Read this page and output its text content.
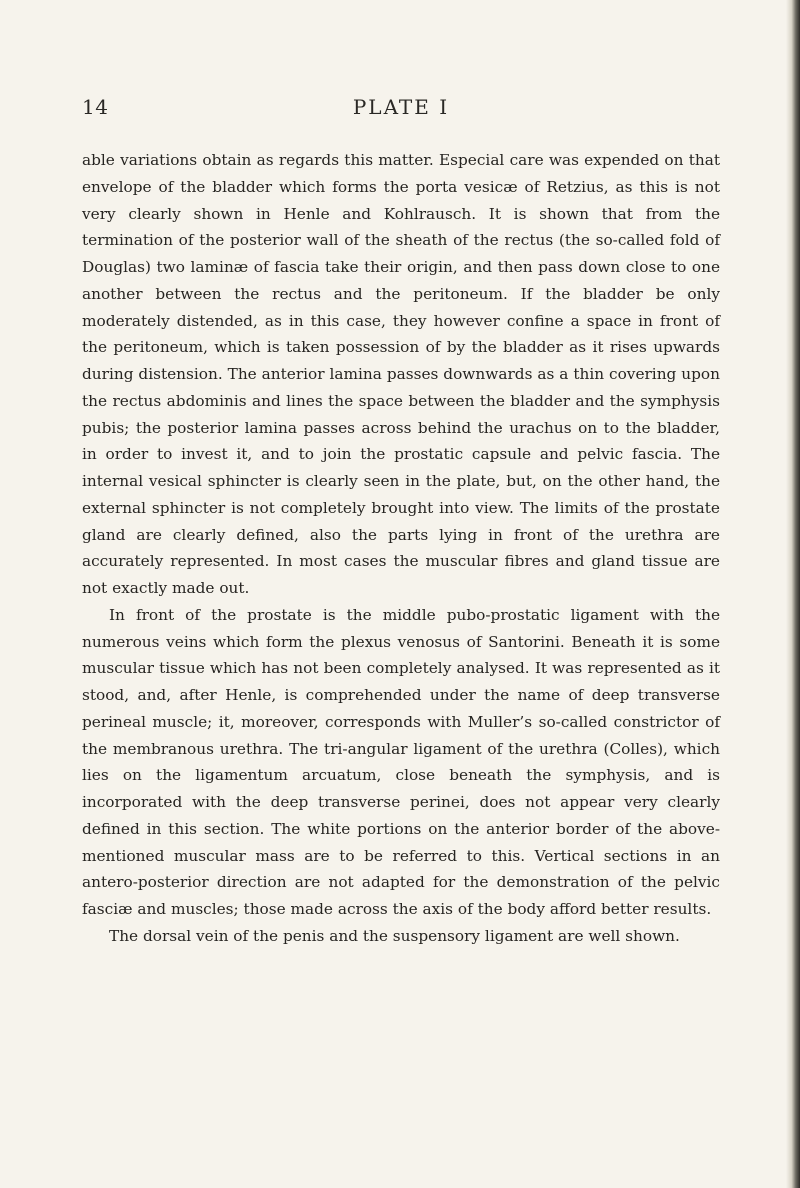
14	PLATE I

able variations obtain as regards this matter. Especial care was expended on that envelope of the bladder which forms the porta vesicæ of Retzius, as this is not very clearly shown in Henle and Kohlrausch. It is shown that from the termination of the posterior wall of the sheath of the rectus (the so-called fold of Douglas) two laminæ of fascia take their origin, and then pass down close to one another between the rectus and the peritoneum. If the bladder be only moderately distended, as in this case, they however confine a space in front of the peritoneum, which is taken possession of by the bladder as it rises upwards during distension. The anterior lamina passes downwards as a thin covering upon the rectus abdominis and lines the space between the bladder and the symphysis pubis; the posterior lamina passes across behind the urachus on to the bladder, in order to invest it, and to join the prostatic capsule and pelvic fascia. The internal vesical sphincter is clearly seen in the plate, but, on the other hand, the external sphincter is not completely brought into view. The limits of the prostate gland are clearly defined, also the parts lying in front of the urethra are accurately represented. In most cases the muscular fibres and gland tissue are not exactly made out.

In front of the prostate is the middle pubo-prostatic ligament with the numerous veins which form the plexus venosus of Santorini. Beneath it is some muscular tissue which has not been completely analysed. It was represented as it stood, and, after Henle, is comprehended under the name of deep transverse perineal muscle; it, moreover, corresponds with Muller’s so-called constrictor of the membranous urethra. The tri-angular ligament of the urethra (Colles), which lies on the ligamentum arcuatum, close beneath the symphysis, and is incorporated with the deep transverse perinei, does not appear very clearly defined in this section. The white portions on the anterior border of the above-mentioned muscular mass are to be referred to this. Vertical sections in an antero-posterior direction are not adapted for the demonstration of the pelvic fasciæ and muscles; those made across the axis of the body afford better results.

The dorsal vein of the penis and the suspensory ligament are well shown.
